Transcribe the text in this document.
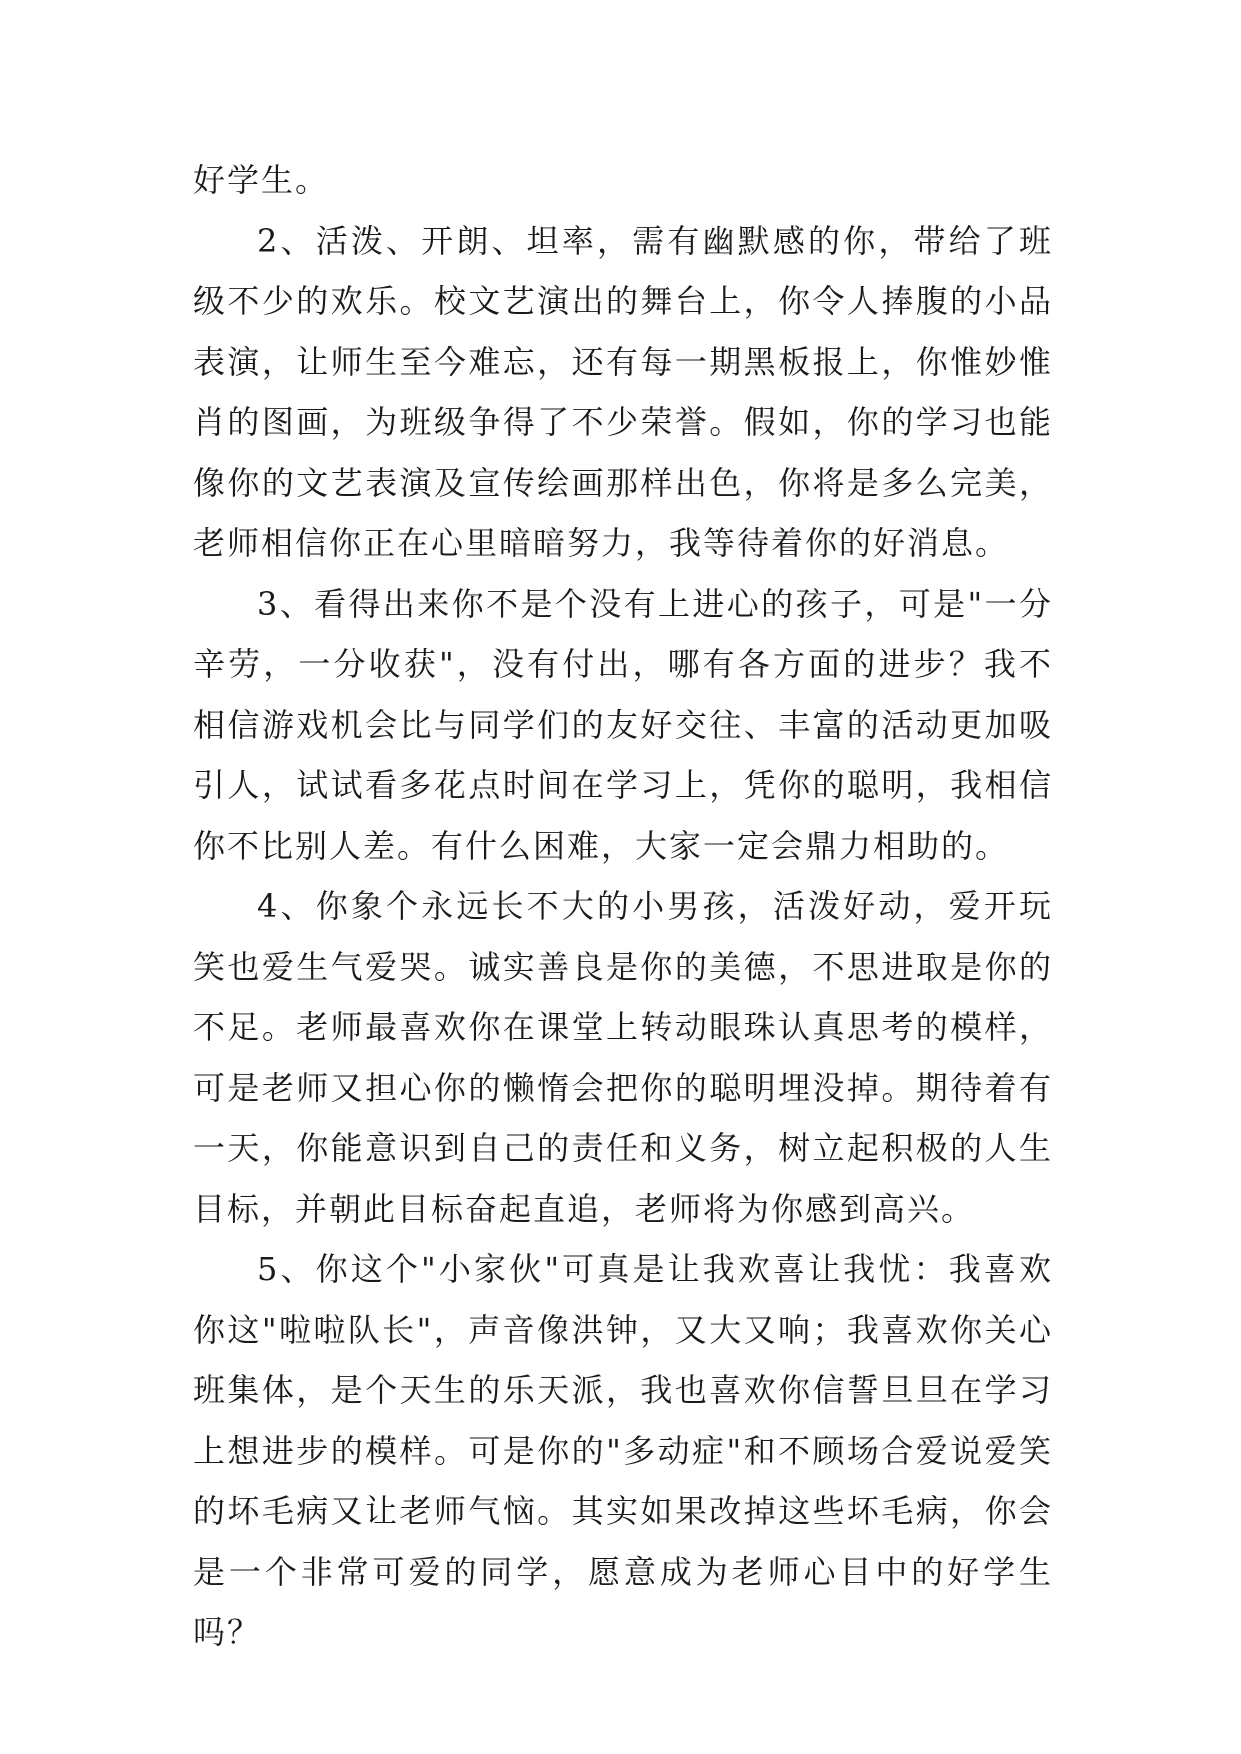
好学生。

2、活泼、开朗、坦率，需有幽默感的你，带给了班级不少的欢乐。校文艺演出的舞台上，你令人捧腹的小品表演，让师生至今难忘，还有每一期黑板报上，你惟妙惟肖的图画，为班级争得了不少荣誉。假如，你的学习也能像你的文艺表演及宣传绘画那样出色，你将是多么完美，老师相信你正在心里暗暗努力，我等待着你的好消息。

3、看得出来你不是个没有上进心的孩子，可是"一分辛劳，一分收获"，没有付出，哪有各方面的进步？我不相信游戏机会比与同学们的友好交往、丰富的活动更加吸引人，试试看多花点时间在学习上，凭你的聪明，我相信你不比别人差。有什么困难，大家一定会鼎力相助的。

4、你象个永远长不大的小男孩，活泼好动，爱开玩笑也爱生气爱哭。诚实善良是你的美德，不思进取是你的不足。老师最喜欢你在课堂上转动眼珠认真思考的模样，可是老师又担心你的懒惰会把你的聪明埋没掉。期待着有一天，你能意识到自己的责任和义务，树立起积极的人生目标，并朝此目标奋起直追，老师将为你感到高兴。

5、你这个"小家伙"可真是让我欢喜让我忧：我喜欢你这"啦啦队长"，声音像洪钟，又大又响；我喜欢你关心班集体，是个天生的乐天派，我也喜欢你信誓旦旦在学习上想进步的模样。可是你的"多动症"和不顾场合爱说爱笑的坏毛病又让老师气恼。其实如果改掉这些坏毛病，你会是一个非常可爱的同学，愿意成为老师心目中的好学生吗？
